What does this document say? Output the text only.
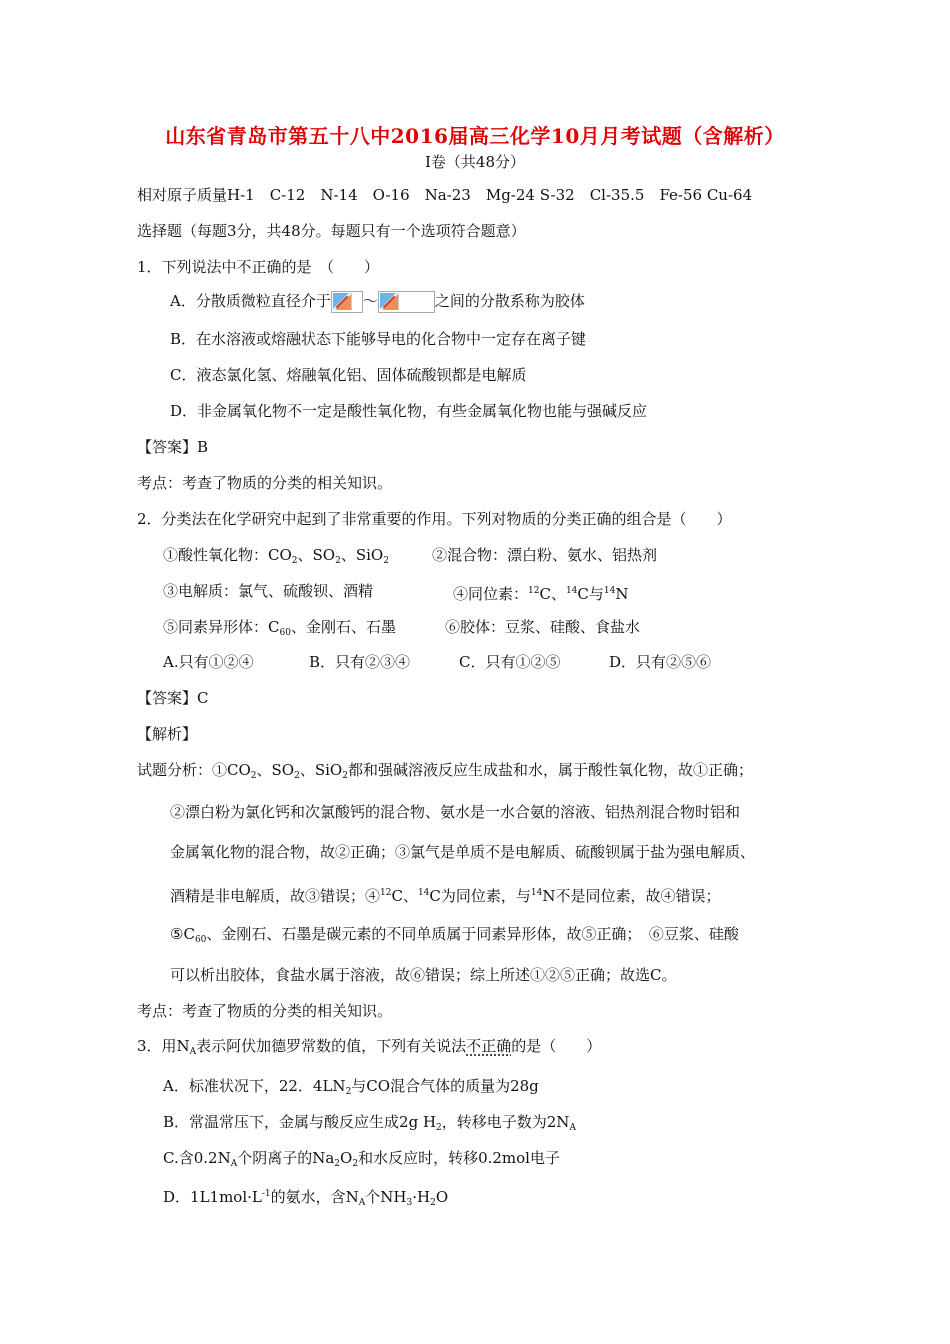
山东省青岛市第五十八中2016届高三化学10月月考试题（含解析）
Ⅰ卷（共48分）
相对原子质量H-1　C-12　N-14　O-16　Na-23　Mg-24 S-32　Cl-35.5　Fe-56 Cu-64
选择题（每题3分，共48分。每题只有一个选项符合题意）
1．下列说法中不正确的是　（　　）
A．分散质微粒直径介于 ～	之间的分散系称为胶体
B．在水溶液或熔融状态下能够导电的化合物中一定存在离子键
C．液态氯化氢、熔融氧化铝、固体硫酸钡都是电解质
D．非金属氧化物不一定是酸性氧化物，有些金属氧化物也能与强碱反应
【答案】B
考点：考查了物质的分类的相关知识。
2．分类法在化学研究中起到了非常重要的作用。下列对物质的分类正确的组合是（　　）
①酸性氧化物：$CO_2$、$SO_2$、SiO$_2$	②混合物：漂白粉、氨水、铝热剂
③电解质：氯气、硫酸钡、酒精	④同位素：$^{12}$C、$^{14}$C与$^{14}$N
⑤同素异形体：$C_{60}$、金刚石、石墨	⑥胶体：豆浆、硅酸、食盐水
A.只有①②④	B．只有②③④	C．只有①②⑤	D．只有②⑤⑥
【答案】C
【解析】
试题分析：$①CO_2$、$SO_2$、SiO$_2$都和强碱溶液反应生成盐和水，属于酸性氧化物，故①正确；
②漂白粉为氯化钙和次氯酸钙的混合物、氨水是一水合氨的溶液、铝热剂混合物时铝和
金属氧化物的混合物，故②正确；③氯气是单质不是电解质、硫酸钡属于盐为强电解质、
酒精是非电解质，故③错误；④$^{12}$C、$^{14}$C为同位素，与$^{14}$N不是同位素，故④错误；
$⑤C_{60}$、金刚石、石墨是碳元素的不同单质属于同素异形体，故⑤正确；　⑥豆浆、硅酸
可以析出胶体，食盐水属于溶液，故⑥错误；综上所述①②⑤正确；故选C。
考点：考查了物质的分类的相关知识。
3．用$N_A$表示阿伏加德罗常数的值，下列有关说法不正确的是（　　）
A．标准状况下，22．$4LN_2$与CO混合气体的质量为28g
B．常温常压下，金属与酸反应生成2g $H_2$，转移电子数为$2N_A$
C.含$0.2N_A$个阴离子的$Na_2O_2$和水反应时，转移0.2mol电子
D．$1L1mol\cdot L^{-1}$的氨水，含$N_A$个$NH_3\cdot H_2O$
